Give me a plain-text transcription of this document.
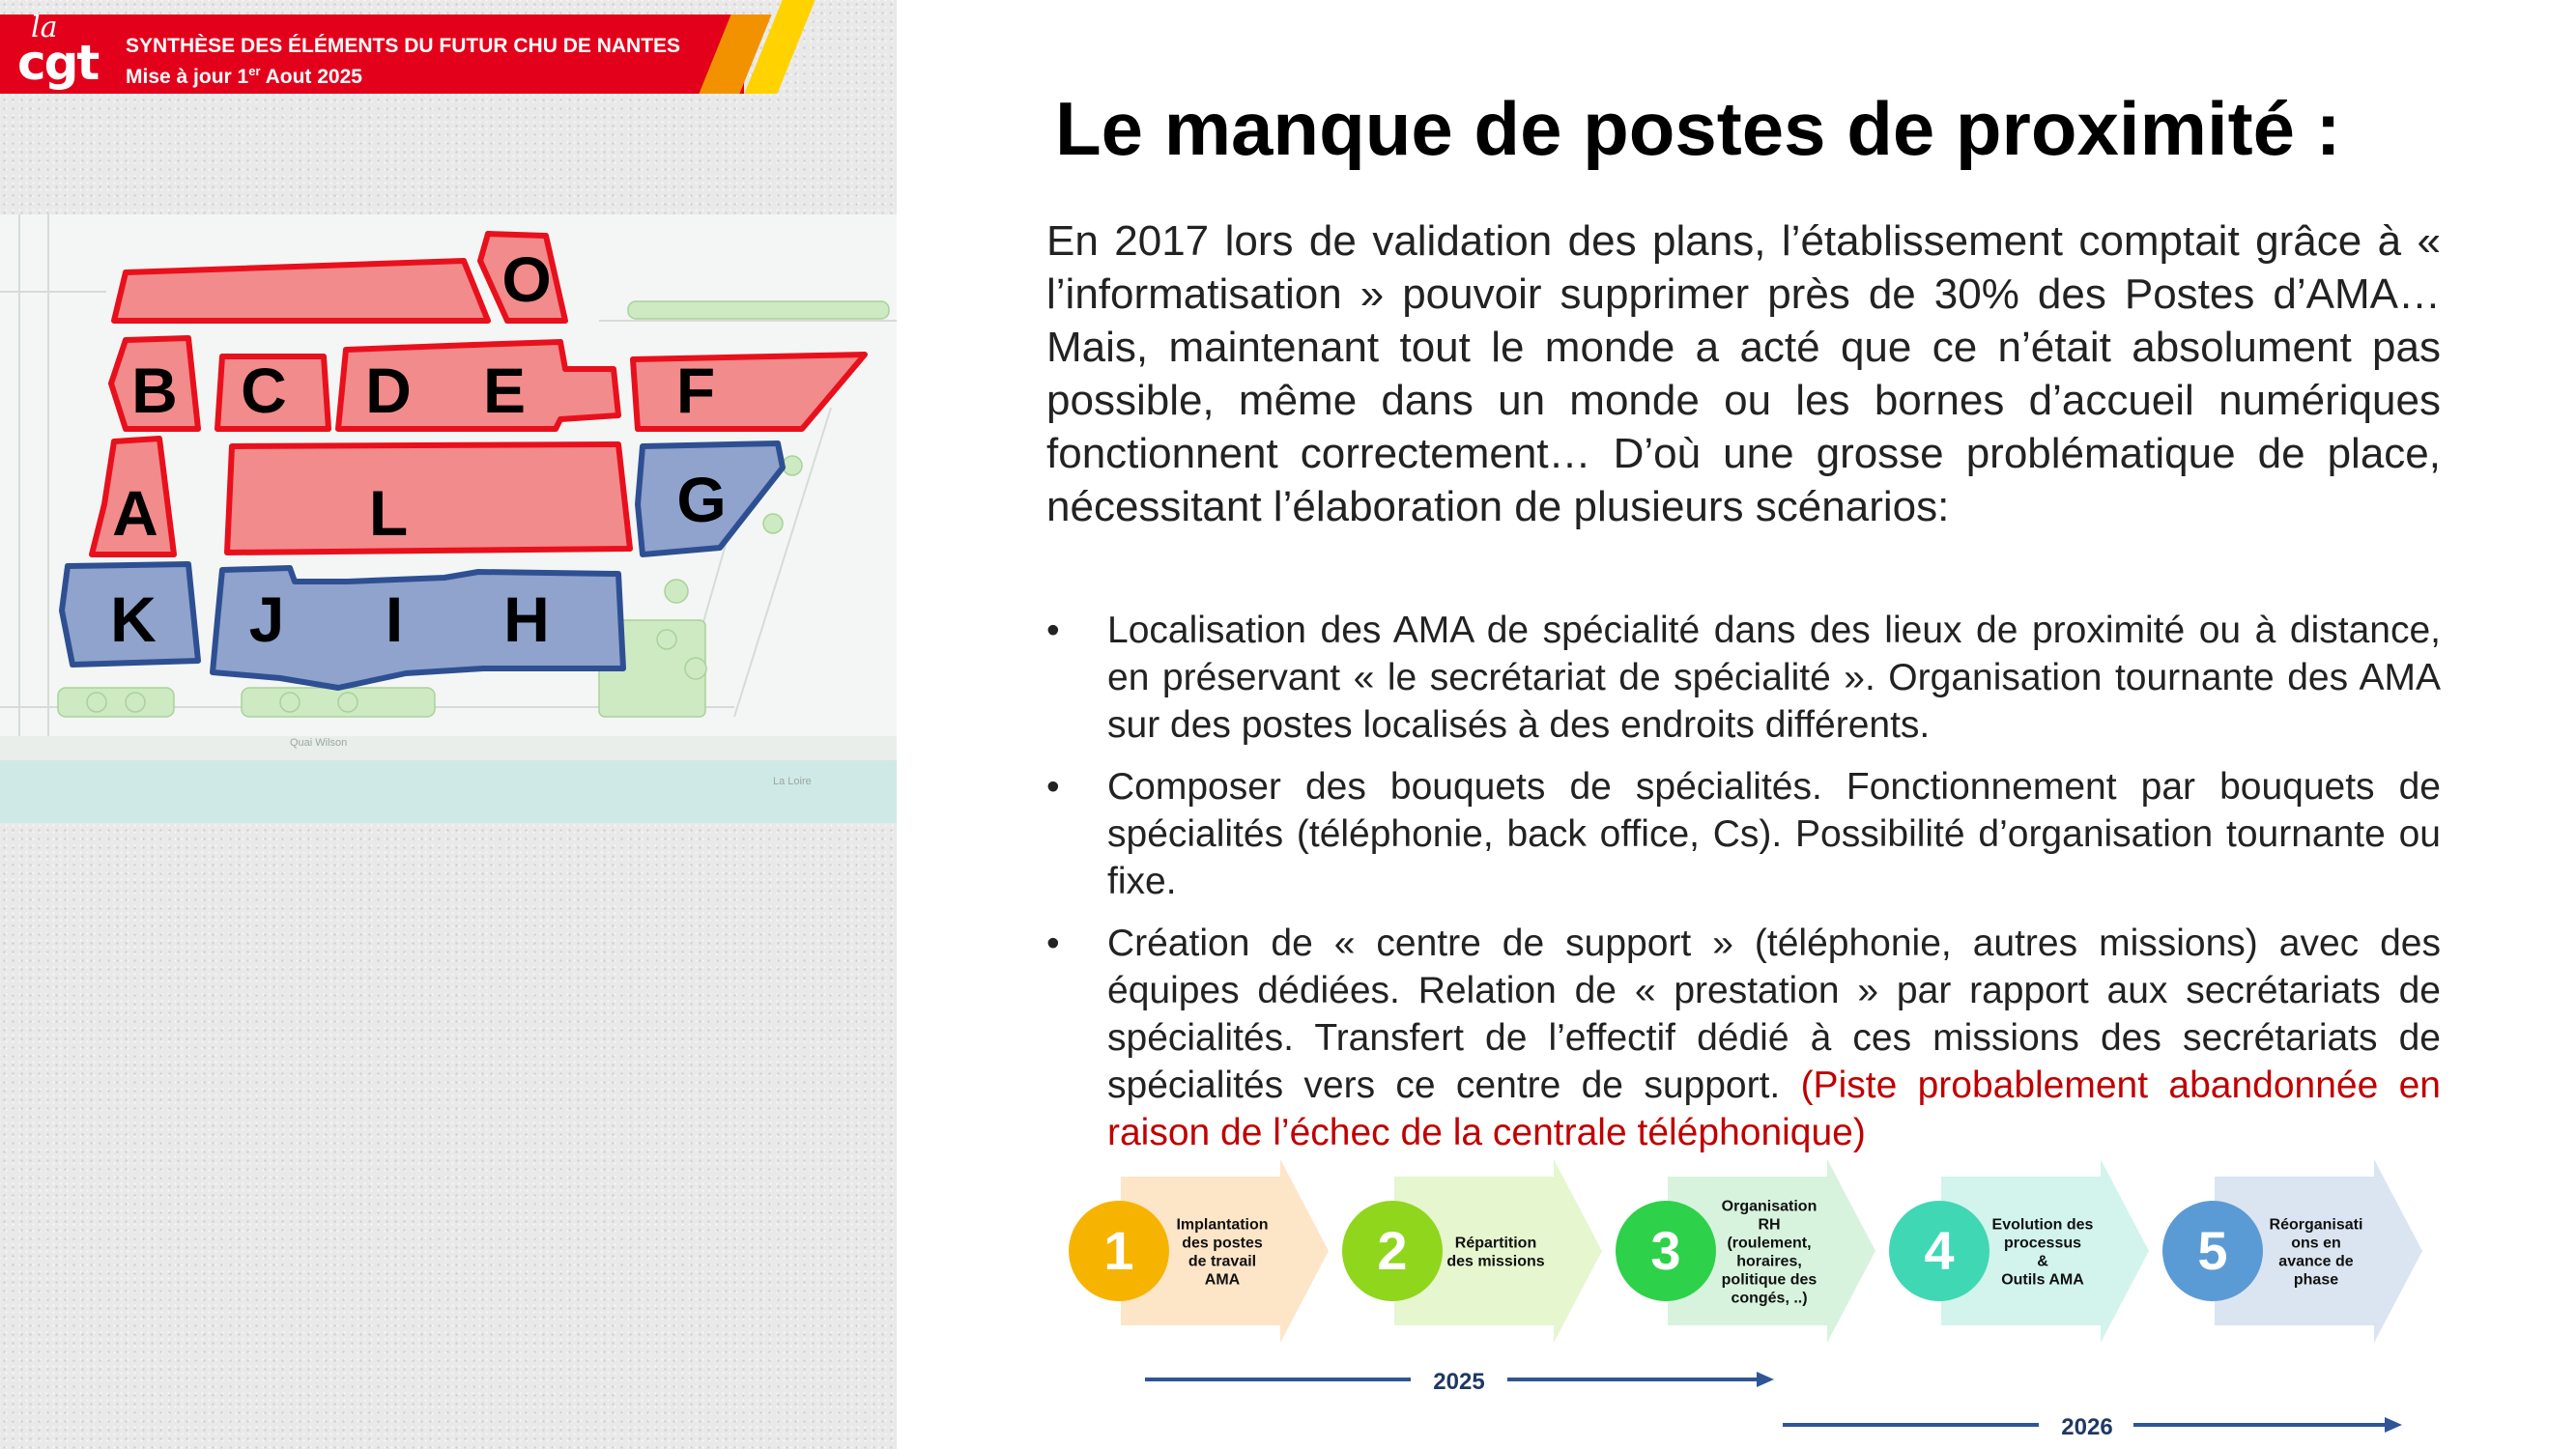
la
cgt SYNTHÈSE DES ÉLÉMENTS DU FUTUR CHU DE NANTES
Mise à jour 1er Aout 2025
Quai Wilson
La Loire
O
B C D E F
A	L	G
K J I H
Le manque de postes de proximité :

En 2017 lors de validation des plans, l’établissement comptait grâce à « l’informatisation » pouvoir supprimer près de 30% des Postes d’AMA… Mais, maintenant tout le monde a acté que ce n’était absolument pas possible, même dans un monde ou les bornes d’accueil numériques fonctionnent correctement… D’où une grosse problématique de place, nécessitant l’élaboration de plusieurs scénarios:

• Localisation des AMA de spécialité dans des lieux de proximité ou à distance, en préservant « le secrétariat de spécialité ». Organisation tournante des AMA sur des postes localisés à des endroits différents.
• Composer des bouquets de spécialités. Fonctionnement par bouquets de spécialités (téléphonie, back office, Cs). Possibilité d’organisation tournante ou fixe.
• Création de « centre de support » (téléphonie, autres missions) avec des équipes dédiées. Relation de « prestation » par rapport aux secrétariats de spécialités. Transfert de l’effectif dédié à ces missions des secrétariats de spécialités vers ce centre de support. (Piste probablement abandonnée en raison de l’échec de la centrale téléphonique)
1	Implantation
des postes
de travail
AMA	2	Répartition
des missions 3
Organisation
RH
(roulement,
horaires,
politique des
congés, ..)
4 Evolution des
processus
&
Outils AMA 5	Réorganisati
ons en
avance de
phase
2025
2026
